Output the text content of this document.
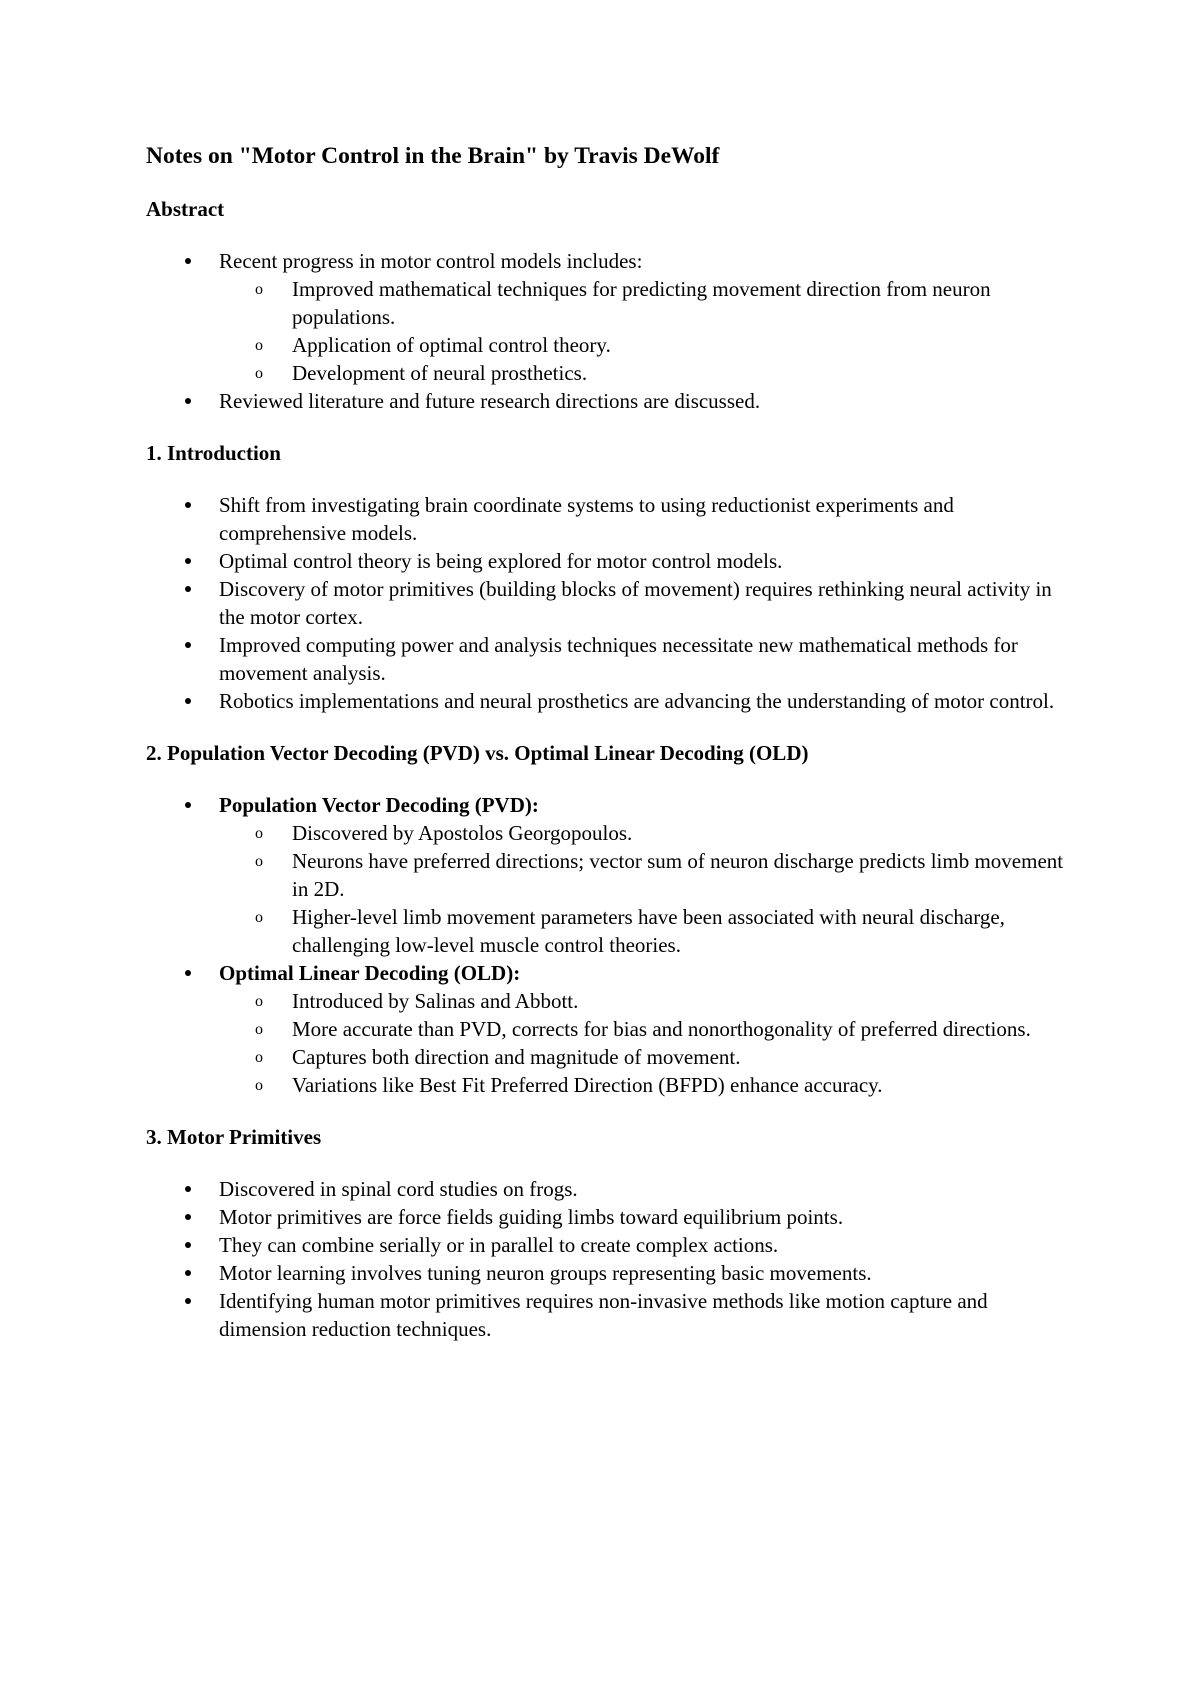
Notes on "Motor Control in the Brain" by Travis DeWolf
Abstract
Recent progress in motor control models includes:
o Improved mathematical techniques for predicting movement direction from neuron populations.
o Application of optimal control theory.
o Development of neural prosthetics.
Reviewed literature and future research directions are discussed.
1. Introduction
Shift from investigating brain coordinate systems to using reductionist experiments and comprehensive models.
Optimal control theory is being explored for motor control models.
Discovery of motor primitives (building blocks of movement) requires rethinking neural activity in the motor cortex.
Improved computing power and analysis techniques necessitate new mathematical methods for movement analysis.
Robotics implementations and neural prosthetics are advancing the understanding of motor control.
2. Population Vector Decoding (PVD) vs. Optimal Linear Decoding (OLD)
Population Vector Decoding (PVD):
o Discovered by Apostolos Georgopoulos.
o Neurons have preferred directions; vector sum of neuron discharge predicts limb movement in 2D.
o Higher-level limb movement parameters have been associated with neural discharge, challenging low-level muscle control theories.
Optimal Linear Decoding (OLD):
o Introduced by Salinas and Abbott.
o More accurate than PVD, corrects for bias and nonorthogonality of preferred directions.
o Captures both direction and magnitude of movement.
o Variations like Best Fit Preferred Direction (BFPD) enhance accuracy.
3. Motor Primitives
Discovered in spinal cord studies on frogs.
Motor primitives are force fields guiding limbs toward equilibrium points.
They can combine serially or in parallel to create complex actions.
Motor learning involves tuning neuron groups representing basic movements.
Identifying human motor primitives requires non-invasive methods like motion capture and dimension reduction techniques.
